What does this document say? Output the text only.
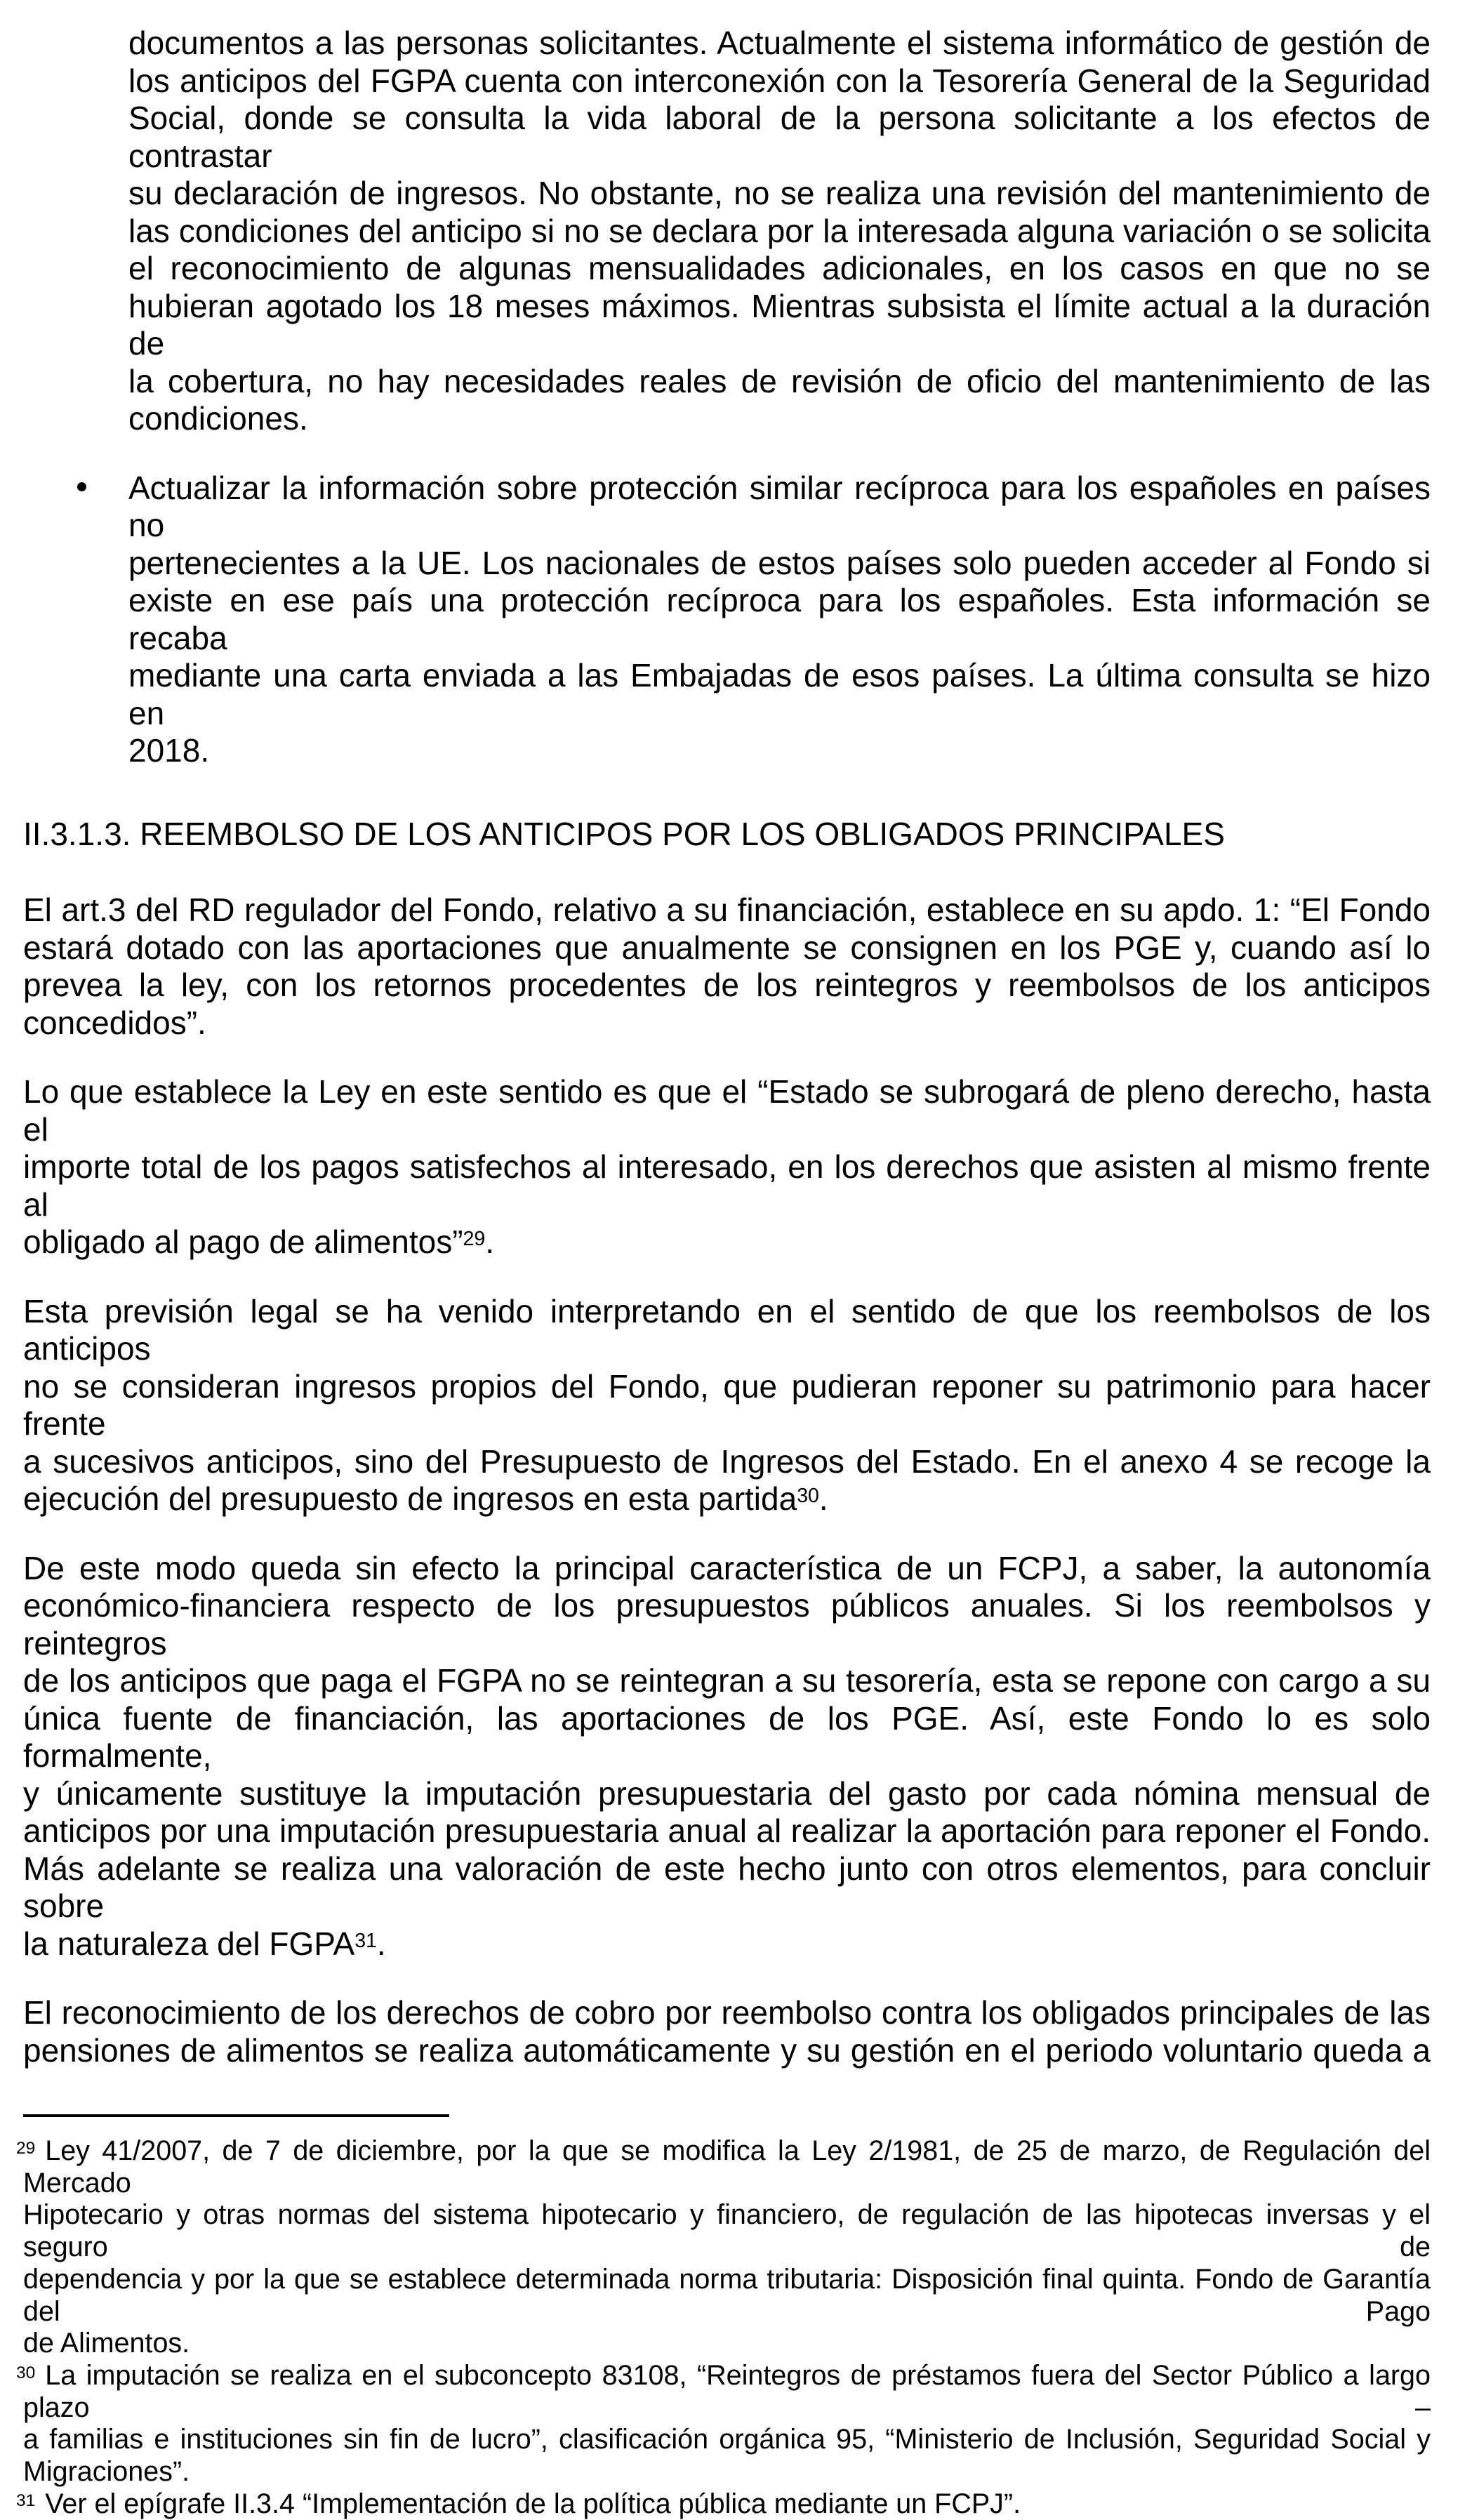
documentos a las personas solicitantes. Actualmente el sistema informático de gestión de
los anticipos del FGPA cuenta con interconexión con la Tesorería General de la Seguridad
Social, donde se consulta la vida laboral de la persona solicitante a los efectos de contrastar
su declaración de ingresos. No obstante, no se realiza una revisión del mantenimiento de
las condiciones del anticipo si no se declara por la interesada alguna variación o se solicita
el reconocimiento de algunas mensualidades adicionales, en los casos en que no se
hubieran agotado los 18 meses máximos. Mientras subsista el límite actual a la duración de
la cobertura, no hay necesidades reales de revisión de oficio del mantenimiento de las
condiciones.
Actualizar la información sobre protección similar recíproca para los españoles en países no
pertenecientes a la UE. Los nacionales de estos países solo pueden acceder al Fondo si
existe en ese país una protección recíproca para los españoles. Esta información se recaba
mediante una carta enviada a las Embajadas de esos países. La última consulta se hizo en
2018.
II.3.1.3. REEMBOLSO DE LOS ANTICIPOS POR LOS OBLIGADOS PRINCIPALES
El art.3 del RD regulador del Fondo, relativo a su financiación, establece en su apdo. 1: “El Fondo
estará dotado con las aportaciones que anualmente se consignen en los PGE y, cuando así lo
prevea la ley, con los retornos procedentes de los reintegros y reembolsos de los anticipos
concedidos”.
Lo que establece la Ley en este sentido es que el “Estado se subrogará de pleno derecho, hasta el
importe total de los pagos satisfechos al interesado, en los derechos que asisten al mismo frente al
obligado al pago de alimentos”$^{29}$.
Esta previsión legal se ha venido interpretando en el sentido de que los reembolsos de los anticipos
no se consideran ingresos propios del Fondo, que pudieran reponer su patrimonio para hacer frente
a sucesivos anticipos, sino del Presupuesto de Ingresos del Estado. En el anexo 4 se recoge la
ejecución del presupuesto de ingresos en esta partida$^{30}$.
De este modo queda sin efecto la principal característica de un FCPJ, a saber, la autonomía
económico-financiera respecto de los presupuestos públicos anuales. Si los reembolsos y reintegros
de los anticipos que paga el FGPA no se reintegran a su tesorería, esta se repone con cargo a su
única fuente de financiación, las aportaciones de los PGE. Así, este Fondo lo es solo formalmente,
y únicamente sustituye la imputación presupuestaria del gasto por cada nómina mensual de
anticipos por una imputación presupuestaria anual al realizar la aportación para reponer el Fondo.
Más adelante se realiza una valoración de este hecho junto con otros elementos, para concluir sobre
la naturaleza del FGPA$^{31}$.
El reconocimiento de los derechos de cobro por reembolso contra los obligados principales de las
pensiones de alimentos se realiza automáticamente y su gestión en el periodo voluntario queda a
$^{29}$ Ley 41/2007, de 7 de diciembre, por la que se modifica la Ley 2/1981, de 25 de marzo, de Regulación del Mercado
Hipotecario y otras normas del sistema hipotecario y financiero, de regulación de las hipotecas inversas y el seguro de
dependencia y por la que se establece determinada norma tributaria: Disposición final quinta. Fondo de Garantía del Pago
de Alimentos.
$^{30}$ La imputación se realiza en el subconcepto 83108, “Reintegros de préstamos fuera del Sector Público a largo plazo –
a familias e instituciones sin fin de lucro”, clasificación orgánica 95, “Ministerio de Inclusión, Seguridad Social y
Migraciones”.
$^{31}$ Ver el epígrafe II.3.4 “Implementación de la política pública mediante un FCPJ”.
